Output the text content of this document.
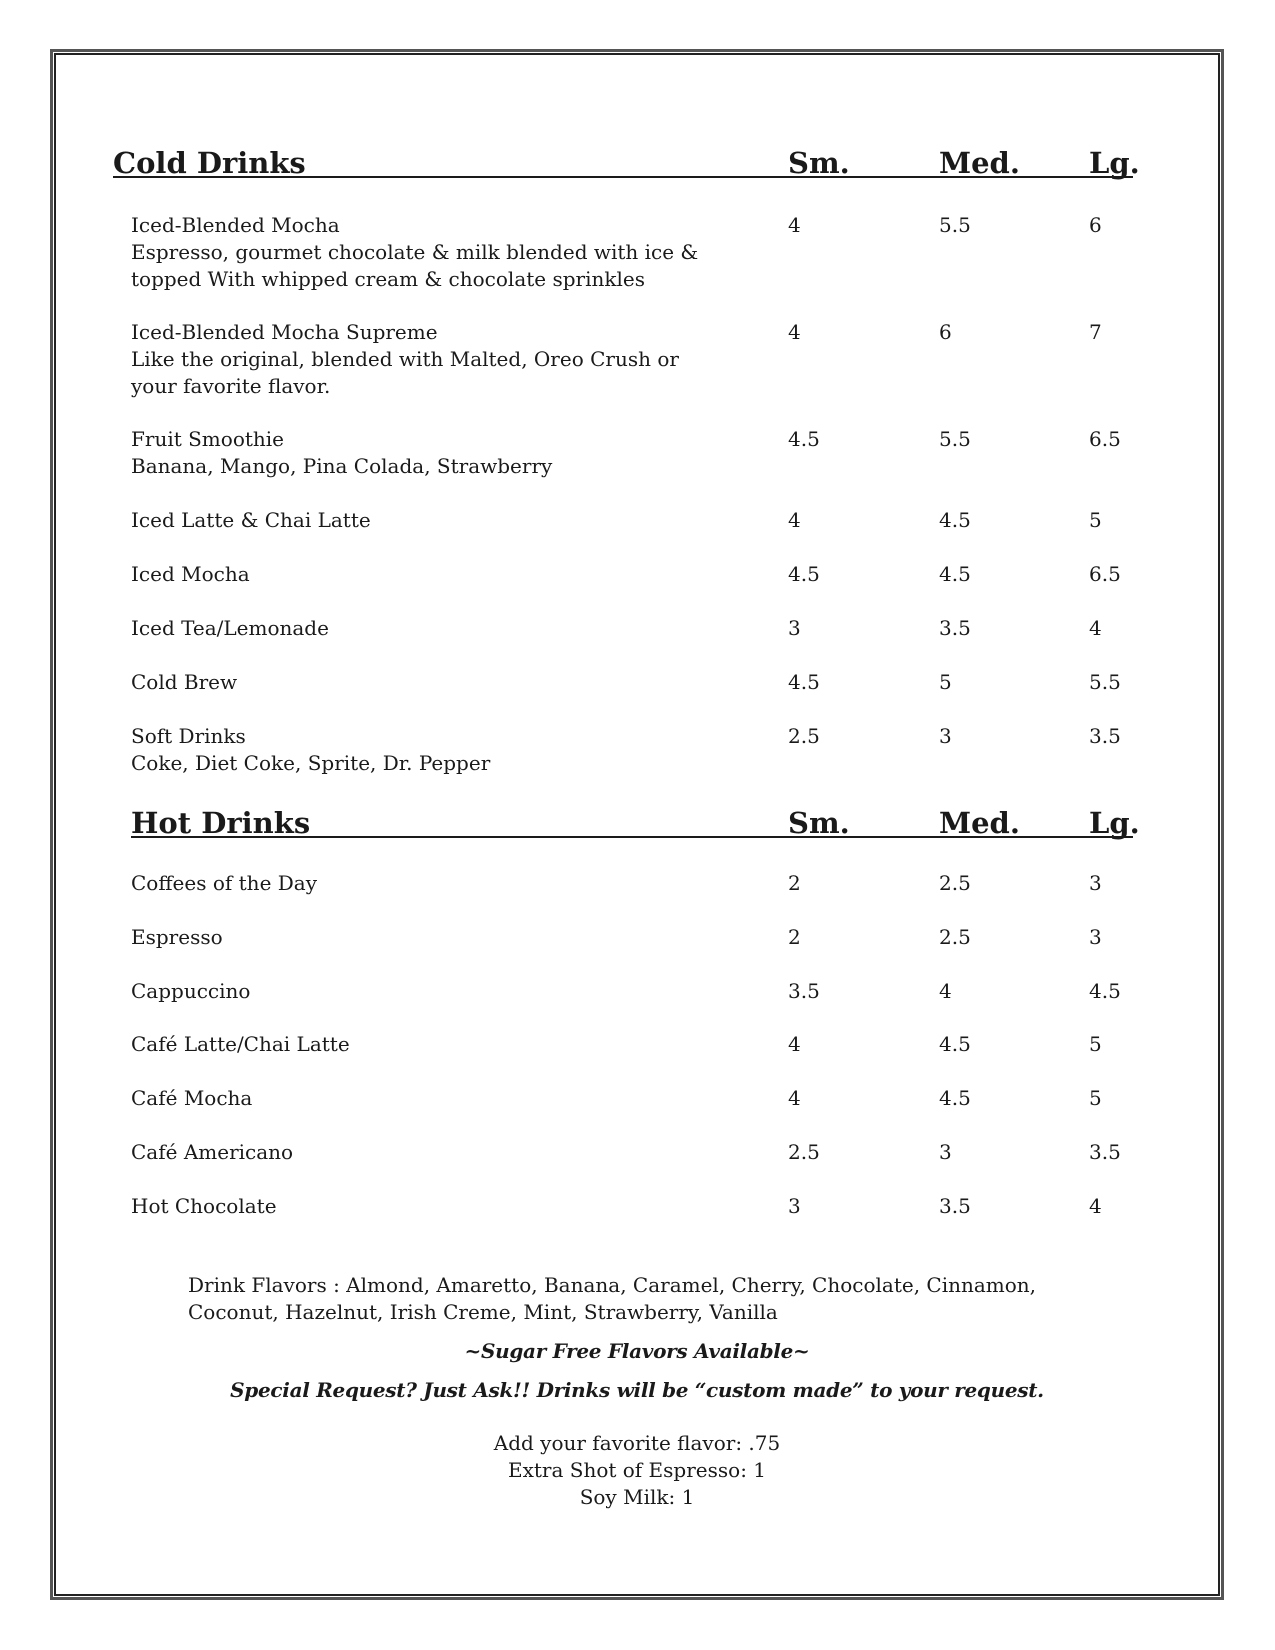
Cold Drinks	Sm.	Med. Lg.
Iced-Blended Mocha
Espresso, gourmet chocolate & milk blended with ice & topped With whipped cream & chocolate sprinkles
4	5.5	6
Iced-Blended Mocha Supreme
Like the original, blended with Malted, Oreo Crush or your favorite flavor.
4	6	7
Fruit Smoothie
Banana, Mango, Pina Colada, Strawberry
4.5	5.5	6.5
Iced Latte & Chai Latte	4	4.5	5
Iced Mocha	4.5	4.5	6.5
Iced Tea/Lemonade	3	3.5	4
Cold Brew	4.5	5	5.5
Soft Drinks
Coke, Diet Coke, Sprite, Dr. Pepper
2.5	3	3.5
Hot Drinks	Sm.	Med. Lg.
Coffees of the Day	2	2.5	3
Espresso	2	2.5	3
Cappuccino	3.5	4	4.5
Café Latte/Chai Latte	4	4.5	5
Café Mocha	4	4.5	5
Café Americano	2.5	3	3.5
Hot Chocolate	3	3.5	4
Drink Flavors : Almond, Amaretto, Banana, Caramel, Cherry, Chocolate, Cinnamon, Coconut, Hazelnut, Irish Creme, Mint, Strawberry, Vanilla
~Sugar Free Flavors Available~
Special Request? Just Ask!! Drinks will be “custom made” to your request.
Add your favorite flavor: .75
Extra Shot of Espresso: 1
Soy Milk: 1
